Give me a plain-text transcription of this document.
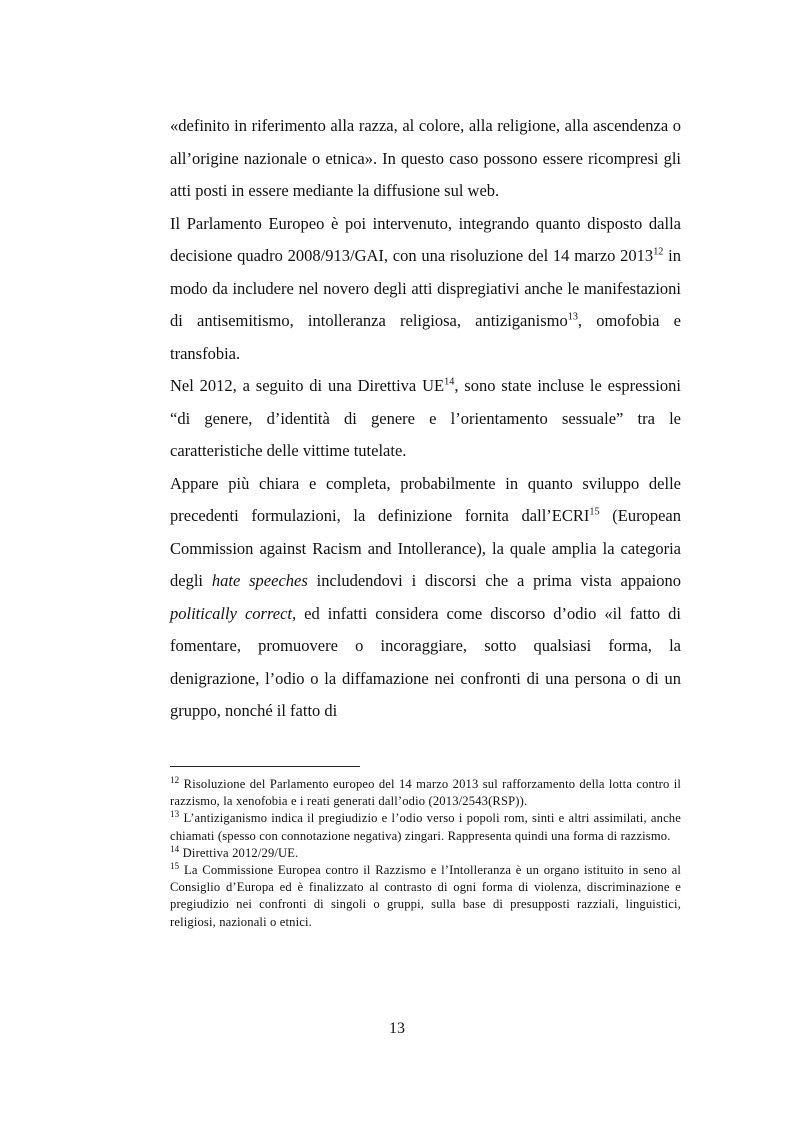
«definito in riferimento alla razza, al colore, alla religione, alla ascendenza o all’origine nazionale o etnica». In questo caso possono essere ricompresi gli atti posti in essere mediante la diffusione sul web.

Il Parlamento Europeo è poi intervenuto, integrando quanto disposto dalla decisione quadro 2008/913/GAI, con una risoluzione del 14 marzo 2013$^{12}$ in modo da includere nel novero degli atti dispregiativi anche le manifestazioni di antisemitismo, intolleranza religiosa, antiziganismo$^{13}$, omofobia e transfobia.

Nel 2012, a seguito di una Direttiva UE$^{14}$, sono state incluse le espressioni “di genere, d’identità di genere e l’orientamento sessuale” tra le caratteristiche delle vittime tutelate.

Appare più chiara e completa, probabilmente in quanto sviluppo delle precedenti formulazioni, la definizione fornita dall’ECRI$^{15}$ (European Commission against Racism and Intollerance), la quale amplia la categoria degli hate speeches includendovi i discorsi che a prima vista appaiono politically correct, ed infatti considera come discorso d’odio «il fatto di fomentare, promuovere o incoraggiare, sotto qualsiasi forma, la denigrazione, l’odio o la diffamazione nei confronti di una persona o di un gruppo, nonché il fatto di

$^{12}$ Risoluzione del Parlamento europeo del 14 marzo 2013 sul rafforzamento della lotta contro il razzismo, la xenofobia e i reati generati dall’odio (2013/2543(RSP)).

$^{13}$ L’antiziganismo indica il pregiudizio e l’odio verso i popoli rom, sinti e altri assimilati, anche chiamati (spesso con connotazione negativa) zingari. Rappresenta quindi una forma di razzismo.

$^{14}$ Direttiva 2012/29/UE.

$^{15}$ La Commissione Europea contro il Razzismo e l’Intolleranza è un organo istituito in seno al Consiglio d’Europa ed è finalizzato al contrasto di ogni forma di violenza, discriminazione e pregiudizio nei confronti di singoli o gruppi, sulla base di presupposti razziali, linguistici, religiosi, nazionali o etnici.

13
